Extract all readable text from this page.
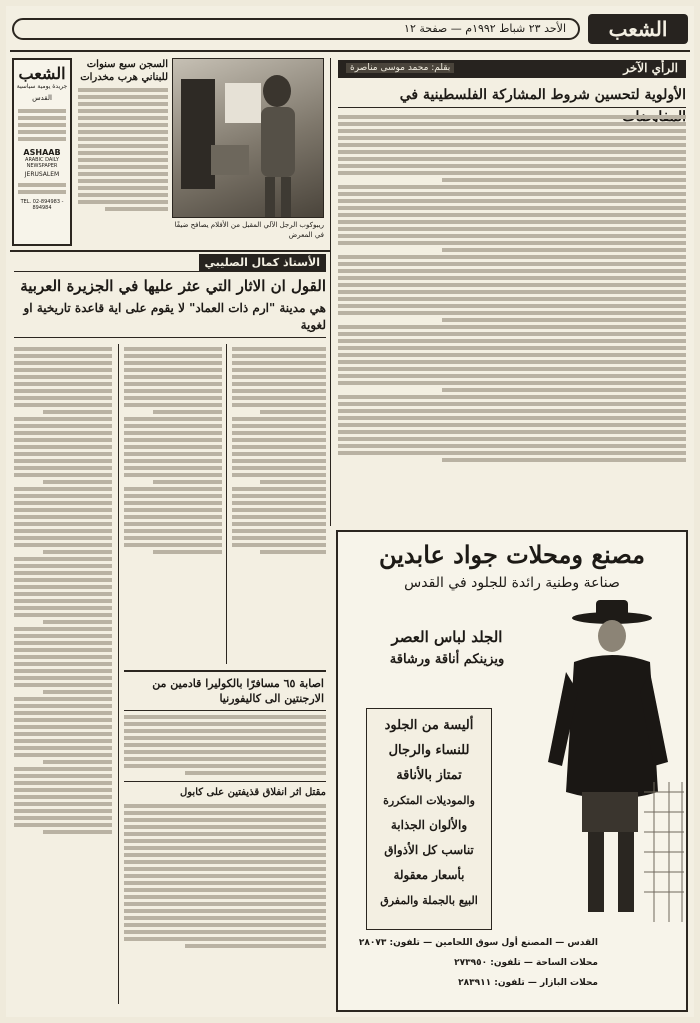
الأحد ٢٣ شباط ١٩٩٢م — صفحة ١٢	الشعب
الشعب
جريدة يومية سياسية
القدس
ASHAAB
ARABIC DAILY NEWSPAPER
JERUSALEM
TEL. 02-894983 - 894984
السجن سبع سنوات للبناني هرب مخدرات
ريبوكوب الرجل الآلي المقبل من الأفلام يصافح ضيفًا في المعرض
الرأي الآخر
بقلم: محمد موسى مناصرة
الأولوية لتحسين شروط المشاركة الفلسطينية في
الأستاذ كمال الصليبي
القول ان الاثار التي عثر عليها في الجزيرة العربية
هي مدينة "ارم ذات العماد" لا يقوم على اية قاعدة تاريخية او لغوية
اصابة ٦٥ مسافرًا بالكوليرا قادمين من الارجنتين الى كاليفورنيا
مقتل اثر انفلاق قذيفتين على كابول
مصنع ومحلات جواد عابدين
صناعة وطنية رائدة للجلود في القدس
الجلد لباس العصر
ويزينكم أناقة ورشاقة
أليسة من الجلود
للنساء والرجال
تمتاز بالأناقة
والموديلات المتكررة
والألوان الجذابة
تناسب كل الأذواق
بأسعار معقولة
البيع بالجملة والمفرق
القدس — المصنع أول سوق اللحامين — تلفون: ٢٨٠٧٣
محلات الساحة — تلفون: ٢٧٣٩٥٠
محلات البازار — تلفون: ٢٨٣٩١١
